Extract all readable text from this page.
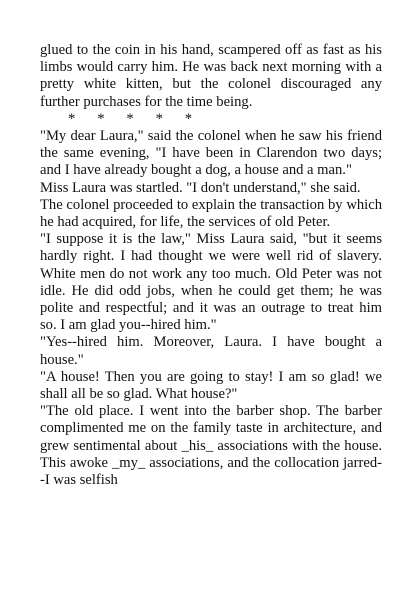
glued to the coin in his hand, scampered off as fast as his limbs would carry him. He was back next morning with a pretty white kitten, but the colonel discouraged any further purchases for the time being.

*      *      *      *      *

"My dear Laura," said the colonel when he saw his friend the same evening, "I have been in Clarendon two days; and I have already bought a dog, a house and a man."

Miss Laura was startled. "I don't understand," she said.

The colonel proceeded to explain the transaction by which he had acquired, for life, the services of old Peter.

"I suppose it is the law," Miss Laura said, "but it seems hardly right. I had thought we were well rid of slavery. White men do not work any too much. Old Peter was not idle. He did odd jobs, when he could get them; he was polite and respectful; and it was an outrage to treat him so. I am glad you--hired him."

"Yes--hired him. Moreover, Laura. I have bought a house."

"A house! Then you are going to stay! I am so glad! we shall all be so glad. What house?"

"The old place. I went into the barber shop. The barber complimented me on the family taste in architecture, and grew sentimental about _his_ associations with the house. This awoke _my_ associations, and the collocation jarred--I was selfish
